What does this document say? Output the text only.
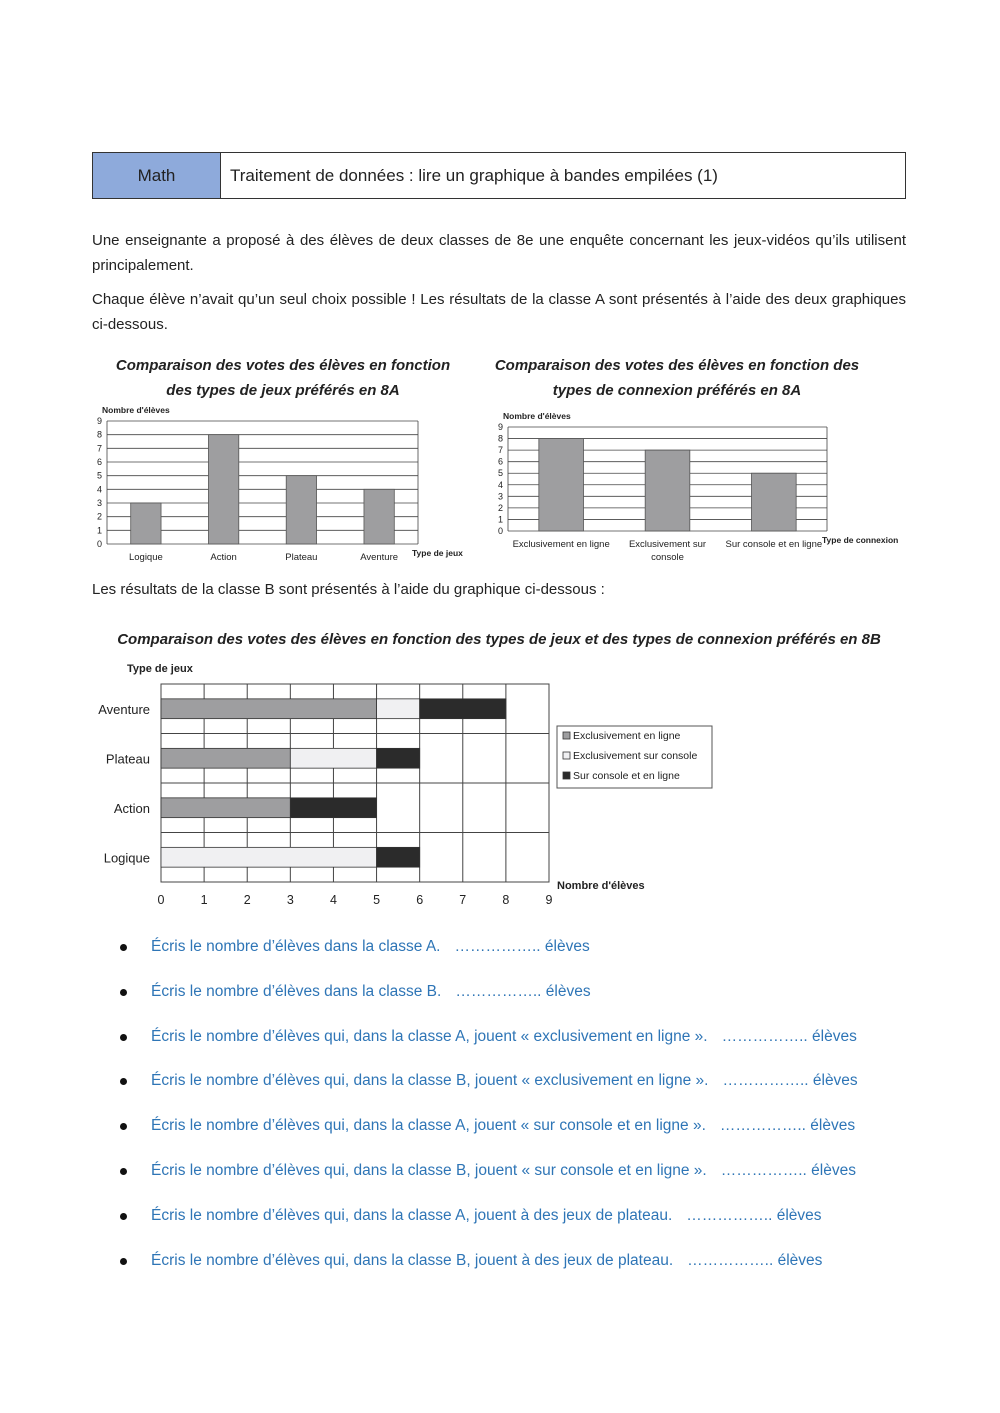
Math	Traitement de données : lire un graphique à bandes empilées (1)

Une enseignante a proposé à des élèves de deux classes de 8e une enquête concernant les jeux-vidéos qu’ils utilisent principalement.

Chaque élève n’avait qu’un seul choix possible ! Les résultats de la classe A sont présentés à l’aide des deux graphiques ci-dessous.

Comparaison des votes des élèves en fonction
des types de jeux préférés en 8A
Comparaison des votes des élèves en fonction des
types de connexion préférés en 8A
Nombre d'élèves
0
1
2
3
4
5
6
7
8
9
Logique	Action	Plateau	Aventure Type de jeux
Nombre d'élèves
0
1
2
3
4
5
6
7
8
9
Exclusivement en ligne Exclusivement sur
console
Sur console et en ligne Type de connexion

Les résultats de la classe B sont présentés à l’aide du graphique ci-dessous :

Comparaison des votes des élèves en fonction des types de jeux et des types de connexion préférés en 8B
0	1	2	3	4	5	6	7	8	9
Aventure
Plateau
Action
Logique
Type de jeux
Nombre d'élèves
Exclusivement en ligne
Exclusivement sur console
Sur console et en ligne
Écris le nombre d’élèves dans la classe A. …………….. élèves
Écris le nombre d’élèves dans la classe B. …………….. élèves
Écris le nombre d’élèves qui, dans la classe A, jouent « exclusivement en ligne ». …………….. élèves
Écris le nombre d’élèves qui, dans la classe B, jouent « exclusivement en ligne ». …………….. élèves
Écris le nombre d’élèves qui, dans la classe A, jouent « sur console et en ligne ». …………….. élèves
Écris le nombre d’élèves qui, dans la classe B, jouent « sur console et en ligne ». …………….. élèves
Écris le nombre d’élèves qui, dans la classe A, jouent à des jeux de plateau. …………….. élèves
Écris le nombre d’élèves qui, dans la classe B, jouent à des jeux de plateau. …………….. élèves
